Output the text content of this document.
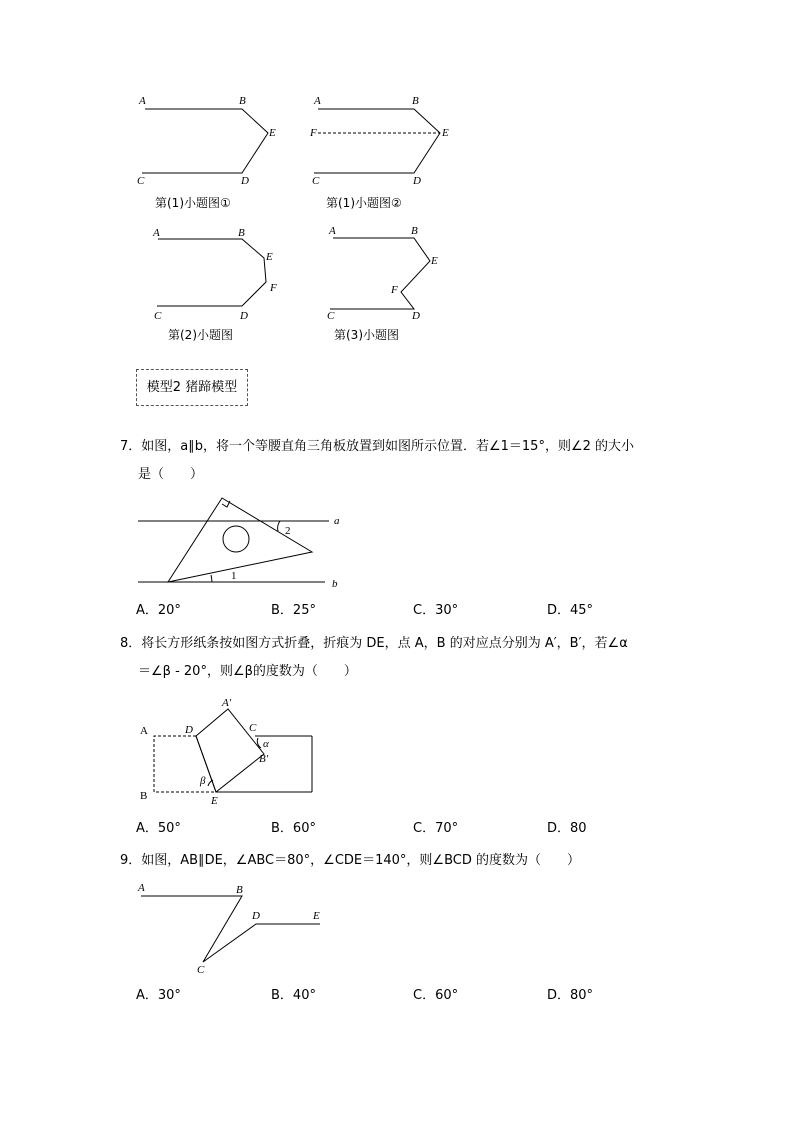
A	B
E
C	D
第(1)小题图①
A	B
F	E
C	D
第(1)小题图②
A	B
E
F
C	D
第(2)小题图
A	B
E
F
C	D
第(3)小题图
模型2 猪蹄模型
7．如图，a∥b，将一个等腰直角三角板放置到如图所示位置．若∠1＝15°，则∠2 的大小
是（　　）
a
b
1
2
A．20°	B．25°	C．30°	D．45°
8．将长方形纸条按如图方式折叠，折痕为 DE，点 A，B 的对应点分别为 A′，B′，若∠α
＝∠β - 20°，则∠β的度数为（　　）
A
B
A′
D	C
α
B′
β
E
A．50°	B．60°	C．70°	D．80
9．如图，AB∥DE，∠ABC＝80°，∠CDE＝140°，则∠BCD 的度数为（　　）
A	B
D	E
C
A．30°	B．40°	C．60°	D．80°
